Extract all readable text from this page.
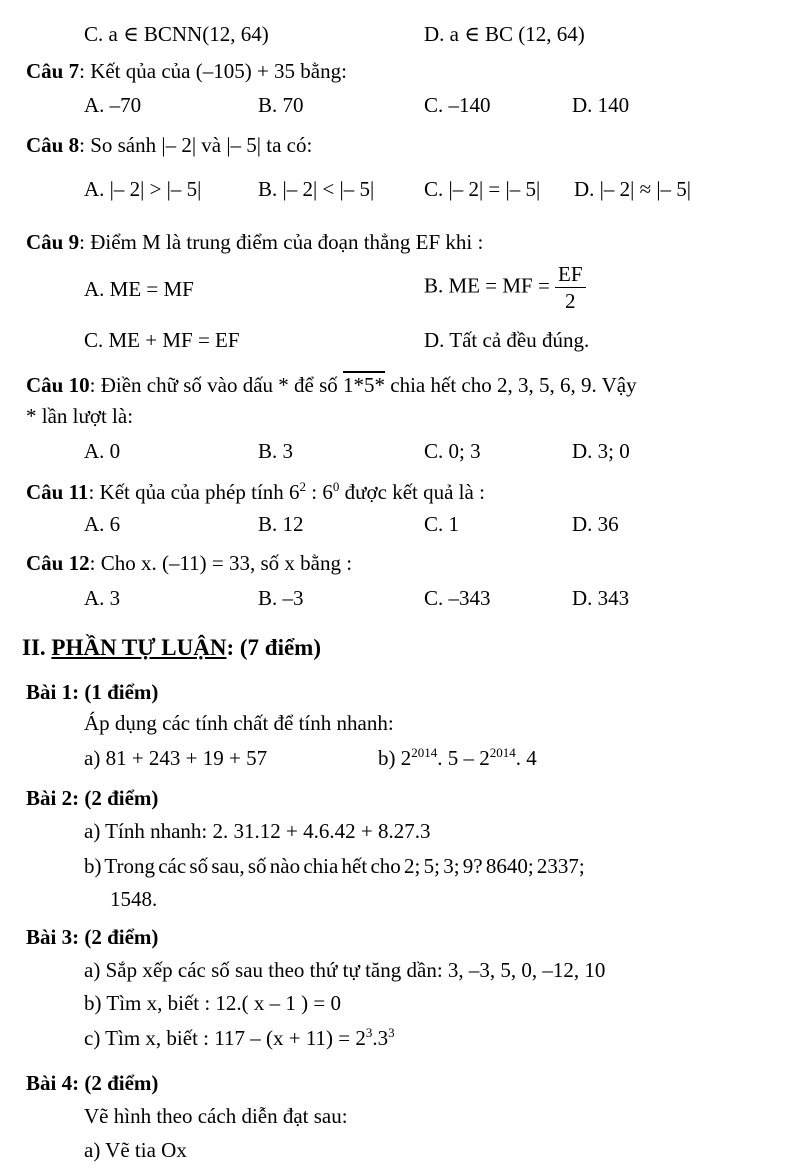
C. a ∈ BCNN(12, 64)	D. a ∈ BC (12, 64)
Câu 7: Kết qủa của (–105) + 35 bằng:
A. –70	B. 70	C. –140	D. 140
Câu 8: So sánh |– 2| và |– 5| ta có:
A. |– 2| > |– 5|	B. |– 2| < |– 5| C. |– 2| = |– 5| D. |– 2| ≈ |– 5|
Câu 9: Điểm M là trung điểm của đoạn thẳng EF khi :
A. ME = MF	B. ME = MF = $\frac{EF}{2}$
C. ME + MF = EF	D. Tất cả đều đúng.
Câu 10: Điền chữ số vào dấu * để số 1*5* chia hết cho 2, 3, 5, 6, 9. Vậy
* lần lượt là:
A. 0	B. 3	C. 0; 3	D. 3; 0
Câu 11: Kết qủa của phép tính $6^2$ : $6^0$ được kết quả là :
A. 6	B. 12	C. 1	D. 36
Câu 12: Cho x. (–11) = 33, số x bằng :
A. 3	B. –3	C. –343	D. 343
II. PHẦN TỰ LUẬN: (7 điểm)
Bài 1: (1 điểm)
Áp dụng các tính chất để tính nhanh:
a) 81 + 243 + 19 + 57	b) $2^{2014}$. $5 - 2^{2014}$. 4
Bài 2: (2 điểm)
a) Tính nhanh: 2. 31.12 + 4.6.42 + 8.27.3
b) Trong các số sau, số nào chia hết cho 2; 5; 3; 9? 8640; 2337;
1548.
Bài 3: (2 điểm)
a) Sắp xếp các số sau theo thứ tự tăng dần: 3, –3, 5, 0, –12, 10
b) Tìm x, biết : 12.( x – 1 ) = 0
c) Tìm x, biết : $117 - (x + 11) = 2^3.3^3$
Bài 4: (2 điểm)
Vẽ hình theo cách diễn đạt sau:
a) Vẽ tia Ox
